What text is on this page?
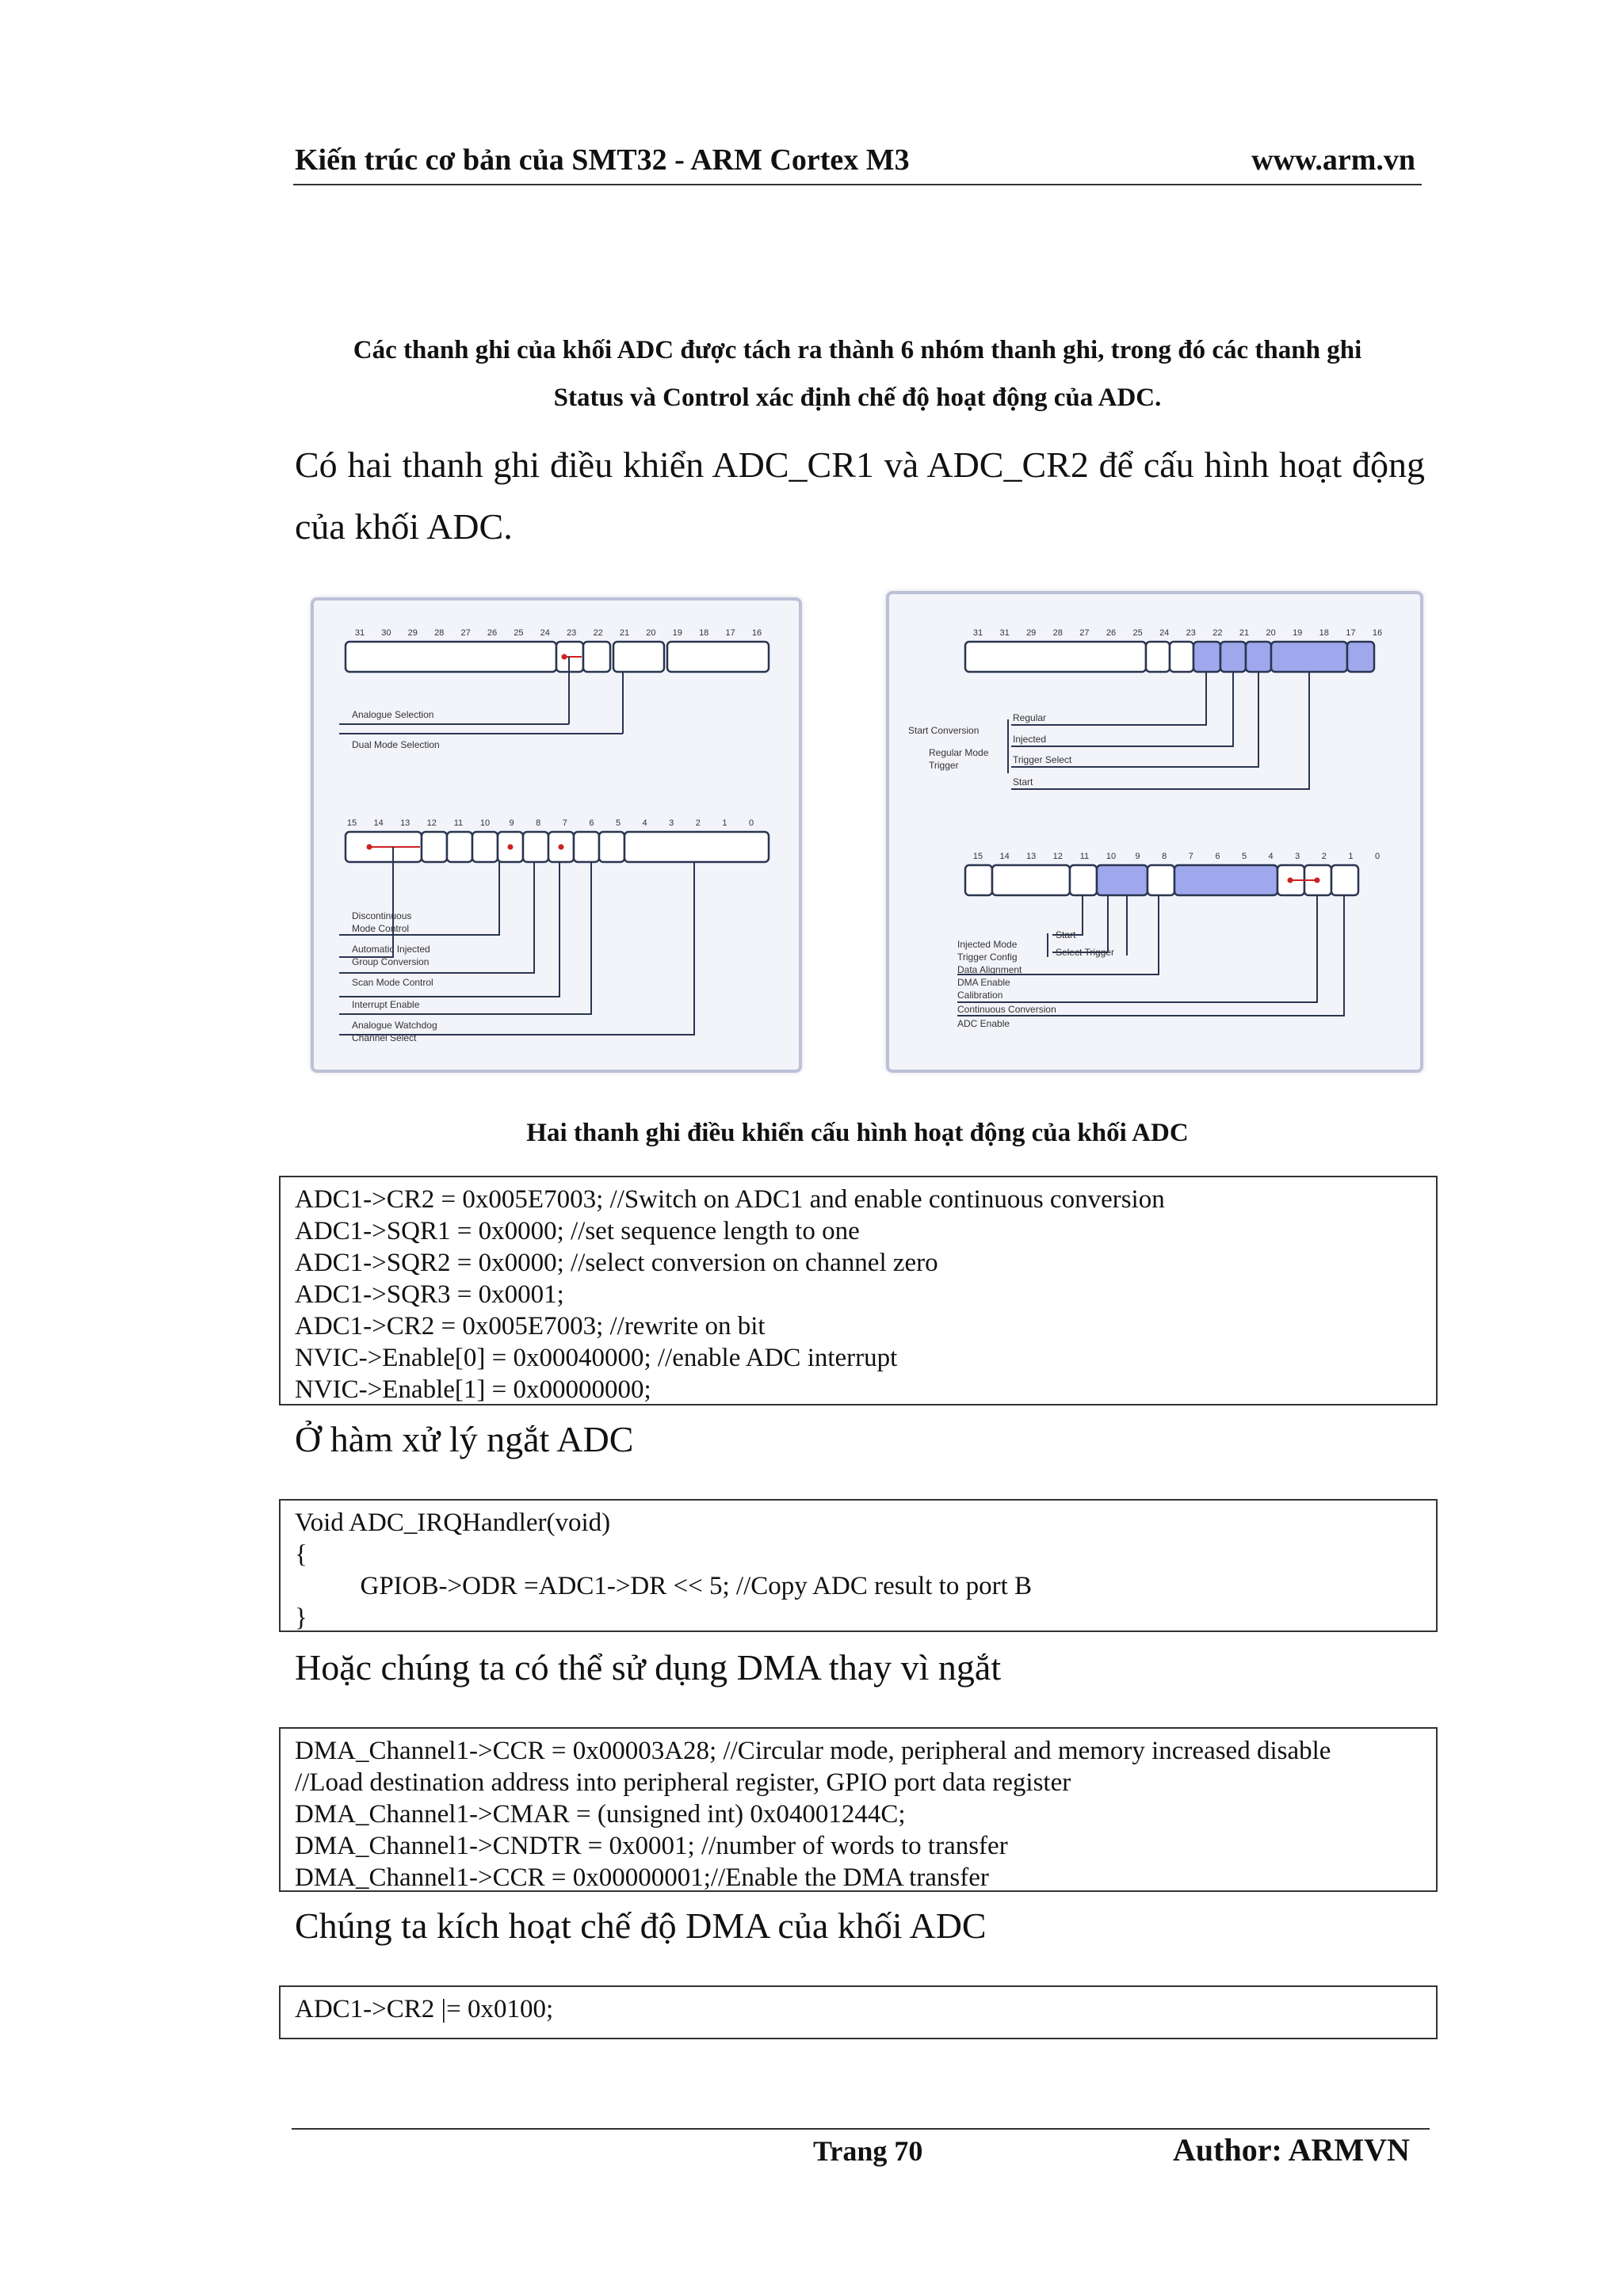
Kiến trúc cơ bản của SMT32 - ARM Cortex M3	www.arm.vn
Các thanh ghi của khối ADC được tách ra thành 6 nhóm thanh ghi, trong đó các thanh ghi
Status và Control xác định chế độ hoạt động của ADC.
Có hai thanh ghi điều khiển ADC_CR1 và ADC_CR2 để cấu hình hoạt động
của khối ADC.
31 30 29 28 27 26 25 24 23 22 21 20 19 18 17 16
Analogue Selection
Dual Mode Selection
15 14 13 12 11 10 9 8 7 6 5 4 3 2 1 0
Discontinuous
Mode Control
Automatic Injected
Group Conversion
Scan Mode Control
Interrupt Enable
Analogue Watchdog
Channel Select
31 31 29 28 27 26 25 24 23 22 21 20 19 18 17 16
Start Conversion
Regular
Injected
Regular Mode
Trigger	Trigger Select
Start
15 14 13 12 11 10 9 8 7 6 5 4 3 2 1 0
Injected Mode
Trigger Config
Data Alignment
DMA Enable
Calibration
Continuous Conversion
ADC Enable
Start
Select Trigger
Hai thanh ghi điều khiển cấu hình hoạt động của khối ADC
ADC1->CR2 = 0x005E7003; //Switch on ADC1 and enable continuous conversion
ADC1->SQR1 = 0x0000; //set sequence length to one
ADC1->SQR2 = 0x0000; //select conversion on channel zero
ADC1->SQR3 = 0x0001;
ADC1->CR2 = 0x005E7003; //rewrite on bit
NVIC->Enable[0] = 0x00040000; //enable ADC interrupt
NVIC->Enable[1] = 0x00000000;
Ở hàm xử lý ngắt ADC
Void ADC_IRQHandler(void)
{
GPIOB->ODR =ADC1->DR << 5; //Copy ADC result to port B
}
Hoặc chúng ta có thể sử dụng DMA thay vì ngắt
DMA_Channel1->CCR = 0x00003A28; //Circular mode, peripheral and memory increased disable
//Load destination address into peripheral register, GPIO port data register
DMA_Channel1->CMAR = (unsigned int) 0x04001244C;
DMA_Channel1->CNDTR = 0x0001; //number of words to transfer
DMA_Channel1->CCR = 0x00000001;//Enable the DMA transfer
Chúng ta kích hoạt chế độ DMA của khối ADC
ADC1->CR2 |= 0x0100;
Trang 70	Author: ARMVN
